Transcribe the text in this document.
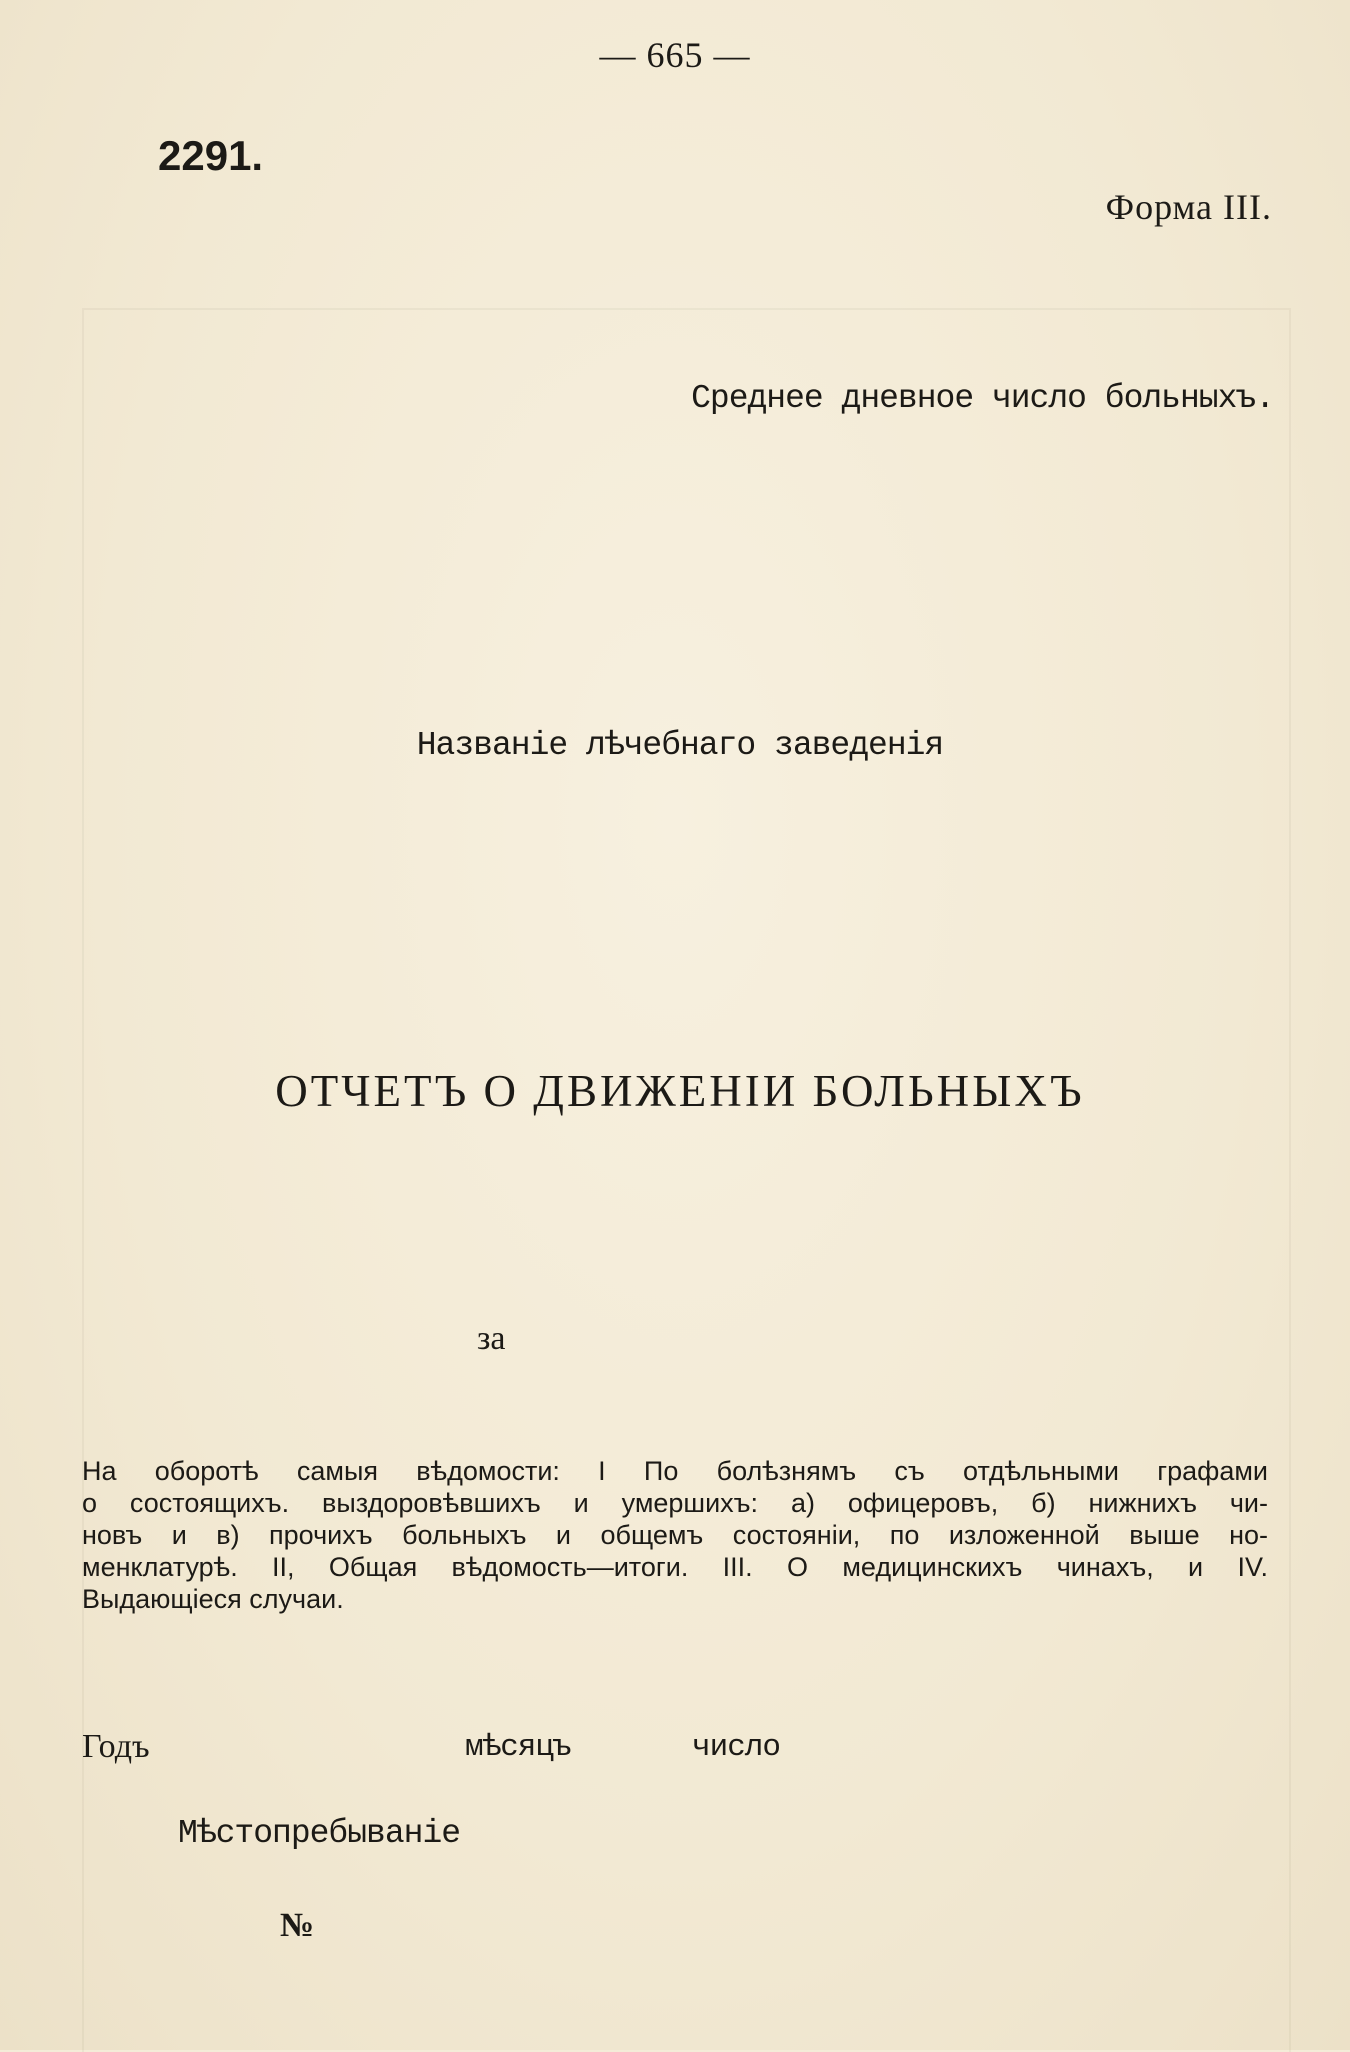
— 665 —
2291.
Форма III.
Среднее дневное число больныхъ.
Названіе лѣчебнаго заведенія
ОТЧЕТЪ О ДВИЖЕНІИ БОЛЬНЫХЪ
за
На оборотѣ самыя вѣдомости: I По болѣзнямъ съ отдѣльными графами
о состоящихъ. выздоровѣвшихъ и умершихъ: а) офицеровъ, б) нижнихъ чи-
новъ и в) прочихъ больныхъ и общемъ состояніи, по изложенной выше но-
менклатурѣ. II, Общая вѣдомость—итоги. III. О медицинскихъ чинахъ, и IV.
Выдающіеся случаи.
Годъ	мѣсяцъ	число
Мѣстопребываніе
№
